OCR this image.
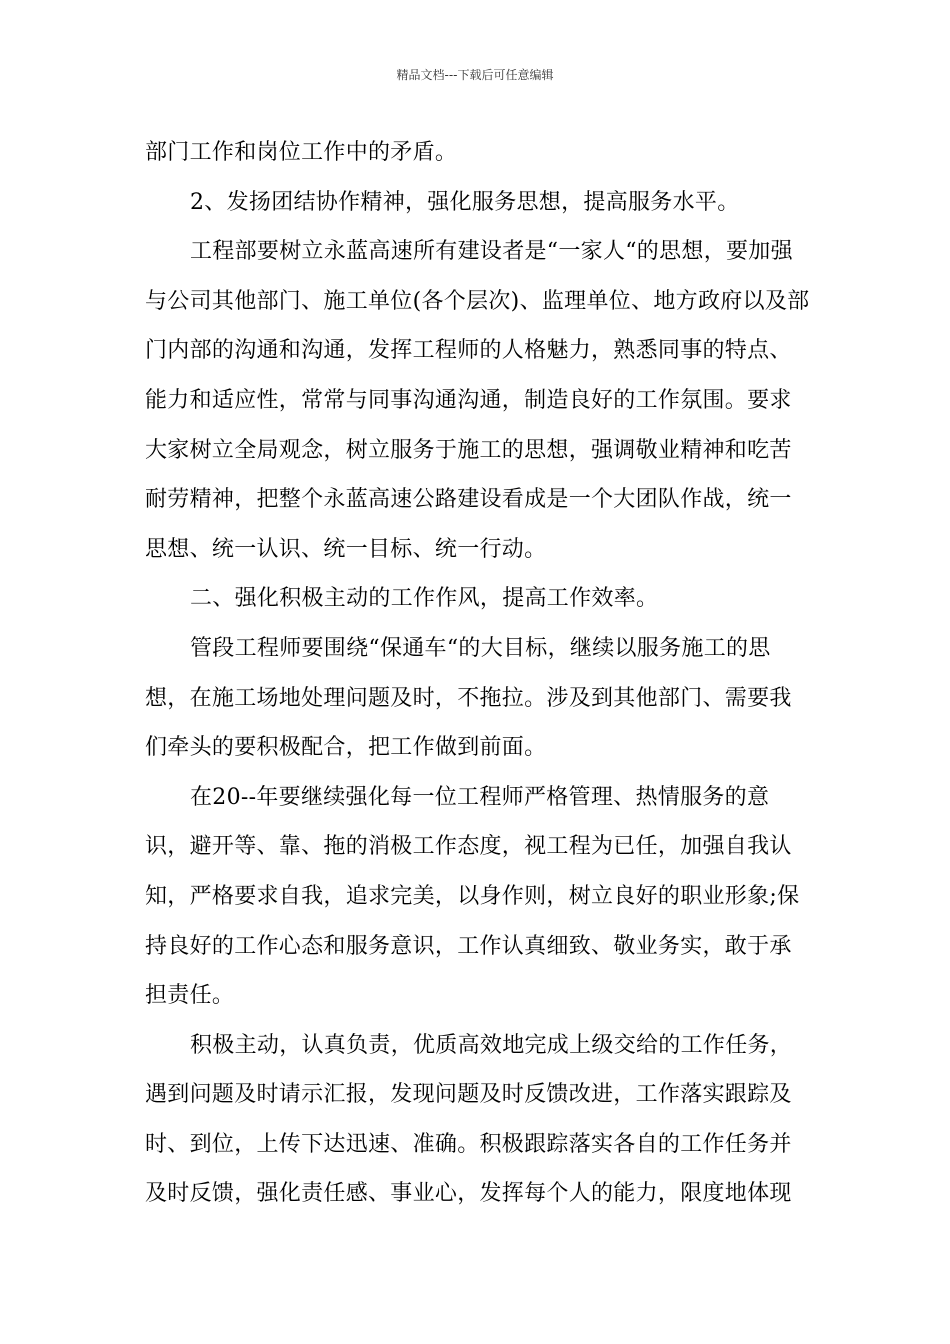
精品文档---下载后可任意编辑

部门工作和岗位工作中的矛盾。

2、发扬团结协作精神，强化服务思想，提高服务水平。

工程部要树立永蓝高速所有建设者是“一家人“的思想，要加强与公司其他部门、施工单位(各个层次)、监理单位、地方政府以及部门内部的沟通和沟通，发挥工程师的人格魅力，熟悉同事的特点、能力和适应性，常常与同事沟通沟通，制造良好的工作氛围。要求大家树立全局观念，树立服务于施工的思想，强调敬业精神和吃苦耐劳精神，把整个永蓝高速公路建设看成是一个大团队作战，统一思想、统一认识、统一目标、统一行动。

二、强化积极主动的工作作风，提高工作效率。

管段工程师要围绕“保通车“的大目标，继续以服务施工的思想，在施工场地处理问题及时，不拖拉。涉及到其他部门、需要我们牵头的要积极配合，把工作做到前面。

在20--年要继续强化每一位工程师严格管理、热情服务的意识，避开等、靠、拖的消极工作态度，视工程为已任，加强自我认知，严格要求自我，追求完美，以身作则，树立良好的职业形象;保持良好的工作心态和服务意识，工作认真细致、敬业务实，敢于承担责任。

积极主动，认真负责，优质高效地完成上级交给的工作任务，遇到问题及时请示汇报，发现问题及时反馈改进，工作落实跟踪及时、到位，上传下达迅速、准确。积极跟踪落实各自的工作任务并及时反馈，强化责任感、事业心，发挥每个人的能力，限度地体现
